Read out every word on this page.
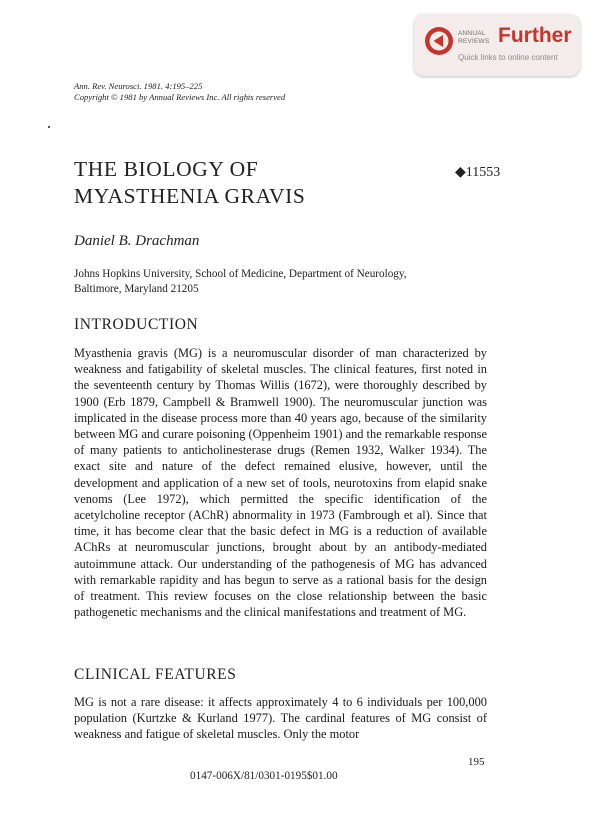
ANNUAL
REVIEWS Further
Quick links to online content
Ann. Rev. Neurosci. 1981. 4:195–225
Copyright © 1981 by Annual Reviews Inc. All rights reserved
THE BIOLOGY OF
MYASTHENIA GRAVIS
◆11553
Daniel B. Drachman
Johns Hopkins University, School of Medicine, Department of Neurology,
Baltimore, Maryland 21205
INTRODUCTION

Myasthenia gravis (MG) is a neuromuscular disorder of man characterized by weakness and fatigability of skeletal muscles. The clinical features, first noted in the seventeenth century by Thomas Willis (1672), were thoroughly described by 1900 (Erb 1879, Campbell & Bramwell 1900). The neuromuscular junction was implicated in the disease process more than 40 years ago, because of the similarity between MG and curare poisoning (Oppenheim 1901) and the remarkable response of many patients to anticholinesterase drugs (Remen 1932, Walker 1934). The exact site and nature of the defect remained elusive, however, until the development and application of a new set of tools, neurotoxins from elapid snake venoms (Lee 1972), which permitted the specific identification of the acetylcholine receptor (AChR) abnormality in 1973 (Fambrough et al). Since that time, it has become clear that the basic defect in MG is a reduction of available AChRs at neuromuscular junctions, brought about by an antibody-mediated autoimmune attack. Our understanding of the pathogenesis of MG has advanced with remarkable rapidity and has begun to serve as a rational basis for the design of treatment. This review focuses on the close relationship between the basic pathogenetic mechanisms and the clinical manifestations and treatment of MG.

CLINICAL FEATURES

MG is not a rare disease: it affects approximately 4 to 6 individuals per 100,000 population (Kurtzke & Kurland 1977). The cardinal features of MG consist of weakness and fatigue of skeletal muscles. Only the motor

195
0147-006X/81/0301-0195$01.00
